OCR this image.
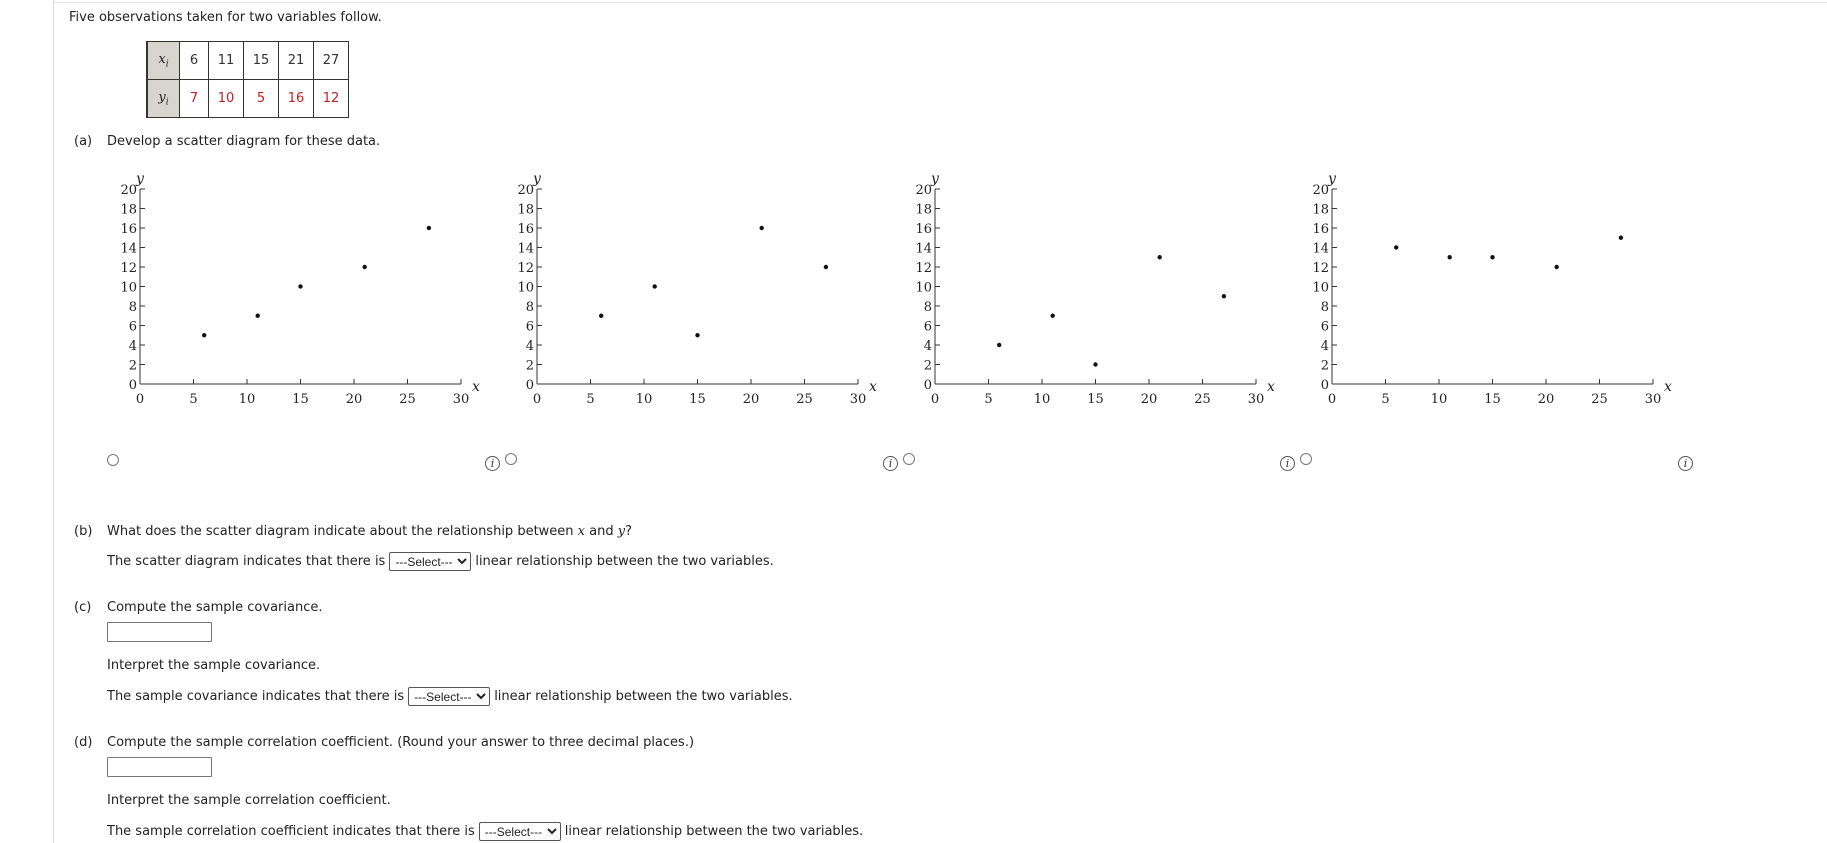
Five observations taken for two variables follow.
$x_i$	6	11	15	21	27
$y_i$	7	10	5	16	12
(a) Develop a scatter diagram for these data.
0
2
4
6
8
10
12
14
16
18
20
0	5	10	15	20	25	30
y
x	0
2
4
6
8
10
12
14
16
18
20
0	5	10	15	20	25	30
y
x	0
2
4
6
8
10
12
14
16
18
20
0	5	10	15	20	25	30
y
x	0
2
4
6
8
10
12
14
16
18
20
0	5	10	15	20	25	30
y
x
i	i	i	i
(b) What does the scatter diagram indicate about the relationship between x and y?
The scatter diagram indicates that there is
---Select---	linear relationship between the two variables.
(c) Compute the sample covariance.
Interpret the sample covariance.
The sample covariance indicates that there is
---Select---	linear relationship between the two variables.
(d) Compute the sample correlation coefficient. (Round your answer to three decimal places.)
Interpret the sample correlation coefficient.
The sample correlation coefficient indicates that there is
---Select---	linear relationship between the two variables.
